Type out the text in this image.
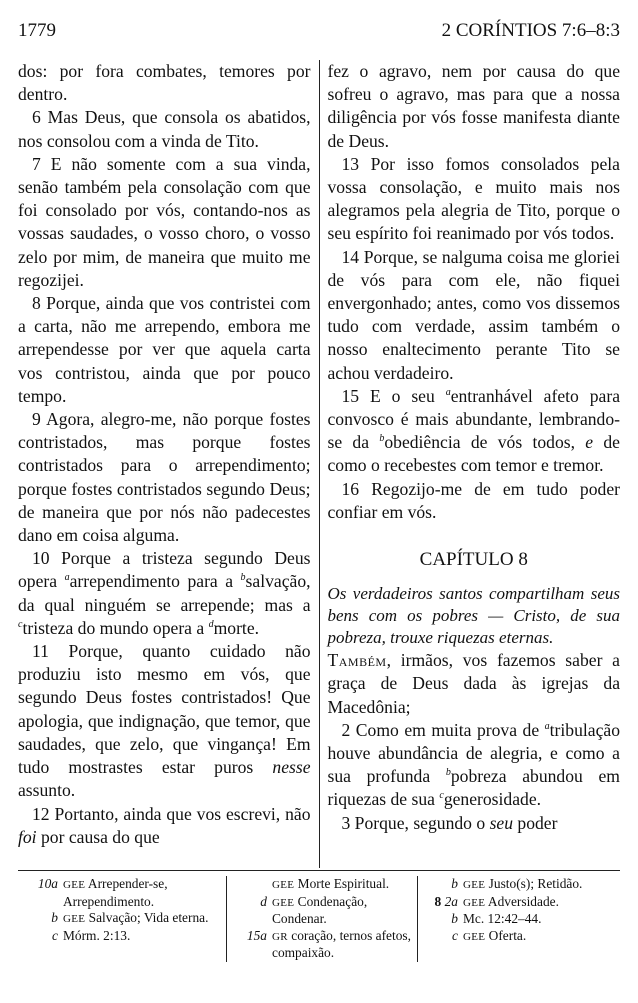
1779	2 CORÍNTIOS 7:6–8:3

dos: por fora combates, temores por dentro.

6 Mas Deus, que consola os abatidos, nos consolou com a vinda de Tito.

7 E não somente com a sua vinda, senão também pela consolação com que foi consolado por vós, contando-nos as vossas saudades, o vosso choro, o vosso zelo por mim, de maneira que muito me regozijei.

8 Porque, ainda que vos contristei com a carta, não me arrependo, embora me arrependesse por ver que aquela carta vos contristou, ainda que por pouco tempo.

9 Agora, alegro-me, não porque fostes contristados, mas porque fostes contristados para o arrependimento; porque fostes contristados segundo Deus; de maneira que por nós não padecestes dano em coisa alguma.

10 Porque a tristeza segundo Deus opera $^a$arrependimento para a $^b$salvação, da qual ninguém se arrepende; mas a $^c$tristeza do mundo opera a $^d$morte.

11 Porque, quanto cuidado não produziu isto mesmo em vós, que segundo Deus fostes contristados! Que apologia, que indignação, que temor, que saudades, que zelo, que vingança! Em tudo mostrastes estar puros nesse assunto.

12 Portanto, ainda que vos escrevi, não foi por causa do que

fez o agravo, nem por causa do que sofreu o agravo, mas para que a nossa diligência por vós fosse manifesta diante de Deus.

13 Por isso fomos consolados pela vossa consolação, e muito mais nos alegramos pela alegria de Tito, porque o seu espírito foi reanimado por vós todos.

14 Porque, se nalguma coisa me gloriei de vós para com ele, não fiquei envergonhado; antes, como vos dissemos tudo com verdade, assim também o nosso enaltecimento perante Tito se achou verdadeiro.

15 E o seu $^a$entranhável afeto para convosco é mais abundante, lembrando-se da $^b$obediência de vós todos, e de como o recebestes com temor e tremor.

16 Regozijo-me de em tudo poder confiar em vós.

CAPÍTULO 8

Os verdadeiros santos compartilham seus bens com os pobres — Cristo, de sua pobreza, trouxe riquezas eternas.

Também, irmãos, vos fazemos saber a graça de Deus dada às igrejas da Macedônia;

2 Como em muita prova de $^a$tribulação houve abundância de alegria, e como a sua profunda $^b$pobreza abundou em riquezas de sua $^c$generosidade.

3 Porque, segundo o seu poder

10a GEE Arrepender-se, Arrependimento.
b GEE Salvação; Vida eterna.
c Mórm. 2:13.
GEE Morte Espiritual.
d GEE Condenação, Condenar.
15a GR coração, ternos afetos, compaixão.
b GEE Justo(s); Retidão.
8 2a GEE Adversidade.
b Mc. 12:42–44.
c GEE Oferta.
